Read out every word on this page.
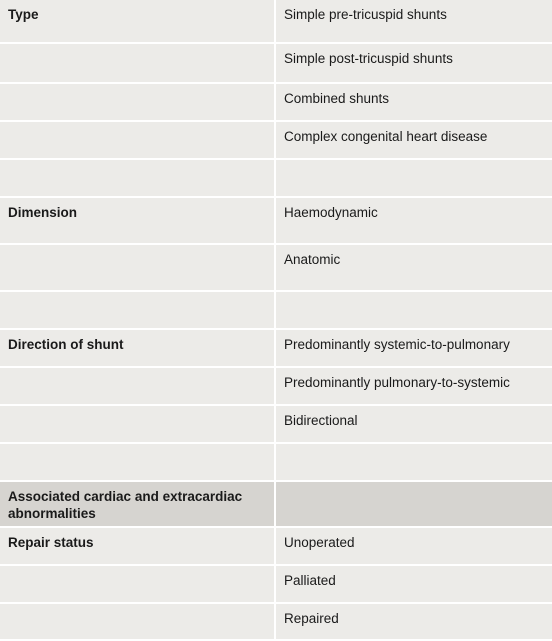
Type	Simple pre-tricuspid shunts
Simple post-tricuspid shunts
Combined shunts
Complex congenital heart disease
Dimension	Haemodynamic
Anatomic
Direction of shunt	Predominantly systemic-to-pulmonary
Predominantly pulmonary-to-systemic
Bidirectional
Associated cardiac and extracardiac abnormalities
Repair status	Unoperated
Palliated
Repaired
